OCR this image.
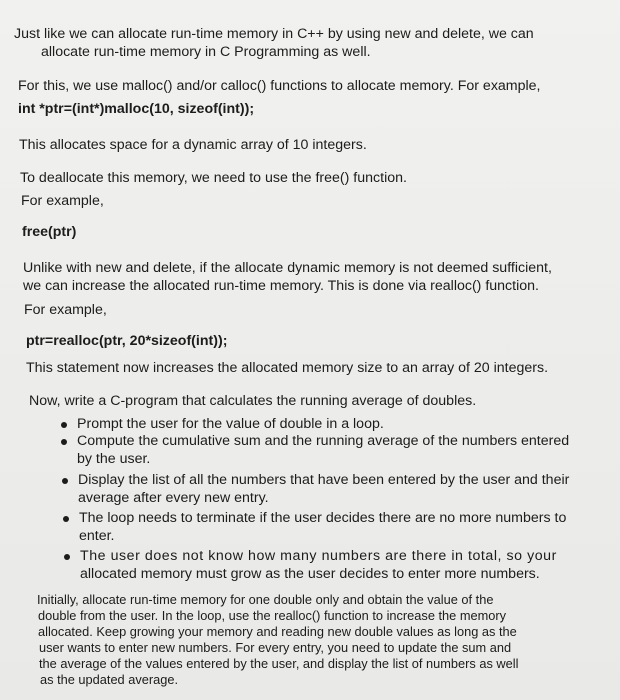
Just like we can allocate run-time memory in C++ by using new and delete, we can
allocate run-time memory in C Programming as well.
For this, we use malloc() and/or calloc() functions to allocate memory. For example,
int *ptr=(int*)malloc(10, sizeof(int));
This allocates space for a dynamic array of 10 integers.
To deallocate this memory, we need to use the free() function.
For example,
free(ptr)
Unlike with new and delete, if the allocate dynamic memory is not deemed sufficient,
we can increase the allocated run-time memory. This is done via realloc() function.
For example,
ptr=realloc(ptr, 20*sizeof(int));
This statement now increases the allocated memory size to an array of 20 integers.
Now, write a C-program that calculates the running average of doubles.
Prompt the user for the value of double in a loop.
Compute the cumulative sum and the running average of the numbers entered
by the user.
Display the list of all the numbers that have been entered by the user and their
average after every new entry.
The loop needs to terminate if the user decides there are no more numbers to
enter.
The user does not know how many numbers are there in total, so your
allocated memory must grow as the user decides to enter more numbers.
Initially, allocate run-time memory for one double only and obtain the value of the
double from the user. In the loop, use the realloc() function to increase the memory
allocated. Keep growing your memory and reading new double values as long as the
user wants to enter new numbers. For every entry, you need to update the sum and
the average of the values entered by the user, and display the list of numbers as well
as the updated average.
